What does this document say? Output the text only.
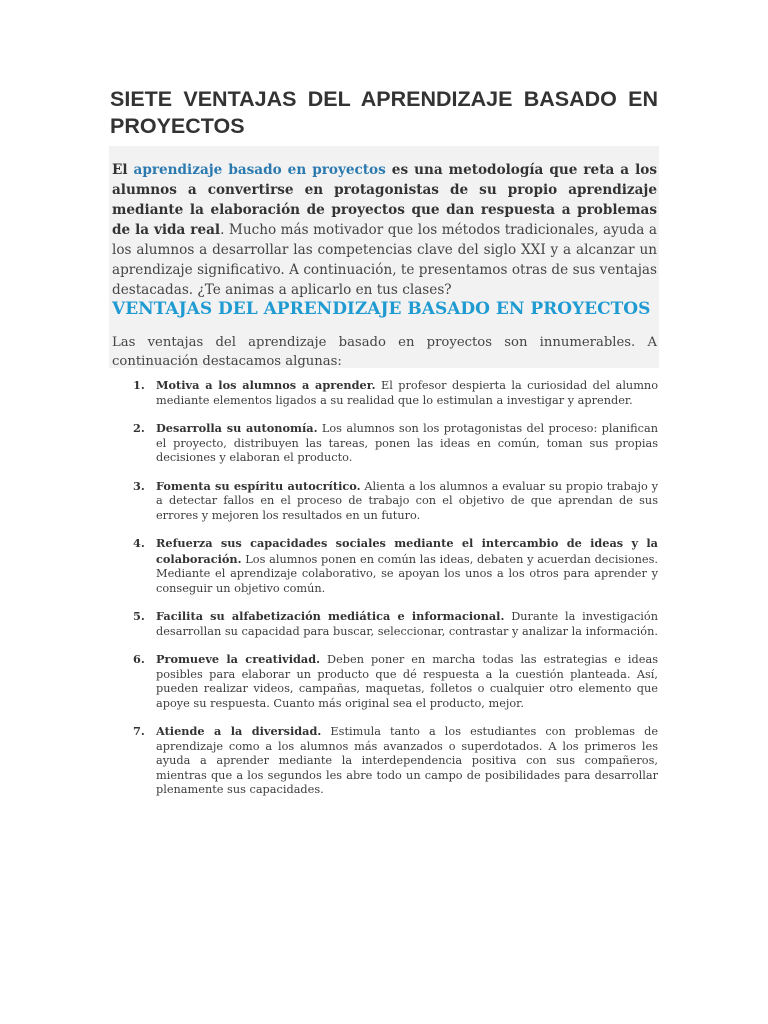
SIETE VENTAJAS DEL APRENDIZAJE BASADO EN PROYECTOS

El aprendizaje basado en proyectos es una metodología que reta a los alumnos a convertirse en protagonistas de su propio aprendizaje mediante la elaboración de proyectos que dan respuesta a problemas de la vida real. Mucho más motivador que los métodos tradicionales, ayuda a los alumnos a desarrollar las competencias clave del siglo XXI y a alcanzar un aprendizaje significativo. A continuación, te presentamos otras de sus ventajas destacadas. ¿Te animas a aplicarlo en tus clases?

VENTAJAS DEL APRENDIZAJE BASADO EN PROYECTOS

Las ventajas del aprendizaje basado en proyectos son innumerables. A continuación destacamos algunas:

1. Motiva a los alumnos a aprender. El profesor despierta la curiosidad del alumno mediante elementos ligados a su realidad que lo estimulan a investigar y aprender.
2. Desarrolla su autonomía. Los alumnos son los protagonistas del proceso: planifican el proyecto, distribuyen las tareas, ponen las ideas en común, toman sus propias decisiones y elaboran el producto.
3. Fomenta su espíritu autocrítico. Alienta a los alumnos a evaluar su propio trabajo y a detectar fallos en el proceso de trabajo con el objetivo de que aprendan de sus errores y mejoren los resultados en un futuro.
4. Refuerza sus capacidades sociales mediante el intercambio de ideas y la colaboración. Los alumnos ponen en común las ideas, debaten y acuerdan decisiones. Mediante el aprendizaje colaborativo, se apoyan los unos a los otros para aprender y conseguir un objetivo común.
5. Facilita su alfabetización mediática e informacional. Durante la investigación desarrollan su capacidad para buscar, seleccionar, contrastar y analizar la información.
6. Promueve la creatividad. Deben poner en marcha todas las estrategias e ideas posibles para elaborar un producto que dé respuesta a la cuestión planteada. Así, pueden realizar videos, campañas, maquetas, folletos o cualquier otro elemento que apoye su respuesta. Cuanto más original sea el producto, mejor.
7. Atiende a la diversidad. Estimula tanto a los estudiantes con problemas de aprendizaje como a los alumnos más avanzados o superdotados. A los primeros les ayuda a aprender mediante la interdependencia positiva con sus compañeros, mientras que a los segundos les abre todo un campo de posibilidades para desarrollar plenamente sus capacidades.
